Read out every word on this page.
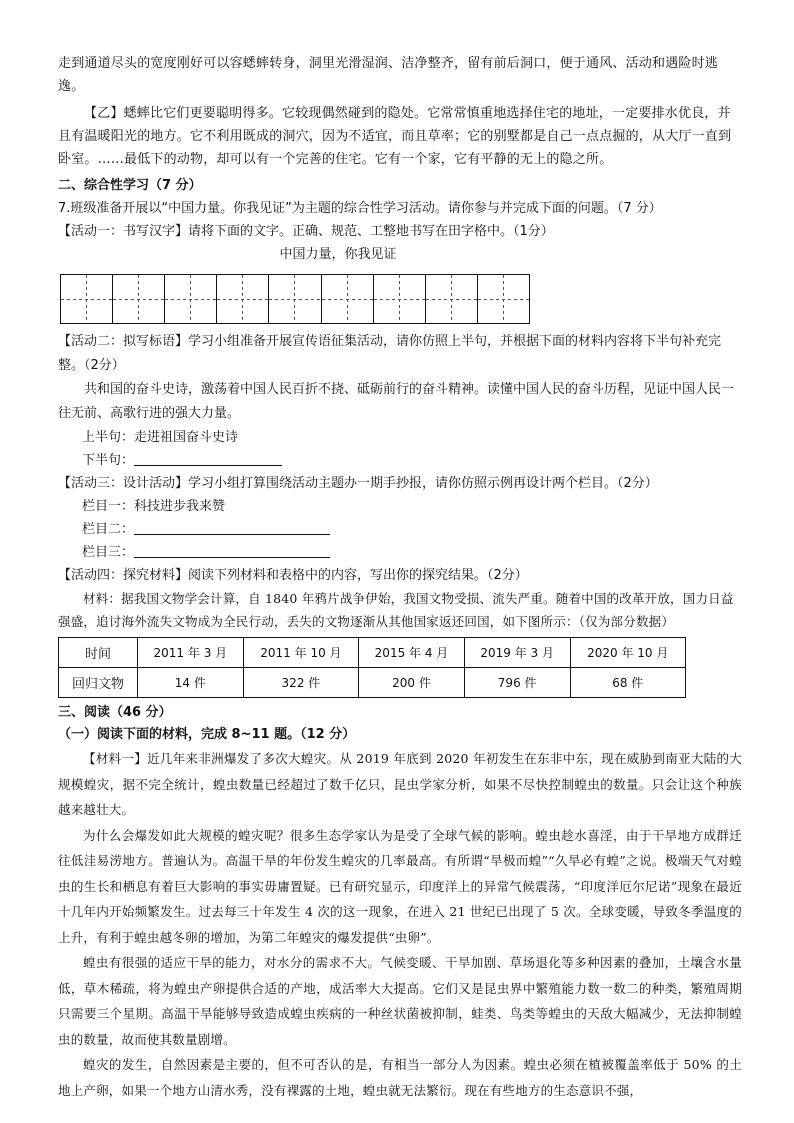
走到通道尽头的宽度刚好可以容蟋蟀转身，洞里光滑湿润、洁净整齐，留有前后洞口，便于通风、活动和遇险时逃逸。

【乙】蟋蟀比它们更要聪明得多。它较现偶然碰到的隐处。它常常慎重地选择住宅的地址，一定要排水优良，并且有温暖阳光的地方。它不利用既成的洞穴，因为不适宜，而且草率；它的别墅都是自己一点点掘的，从大厅一直到卧室。……最低下的动物，却可以有一个完善的住宅。它有一个家，它有平静的无上的隐之所。

二、综合性学习（7 分）

7.班级准备开展以“中国力量。你我见证”为主题的综合性学习活动。请你参与并完成下面的问题。（7 分）

【活动一：书写汉字】请将下面的文字。正确、规范、工整地书写在田字格中。（1分）

中国力量，你我见证

【活动二：拟写标语】学习小组准备开展宣传语征集活动，请你仿照上半句，并根据下面的材料内容将下半句补充完整。（2分）

共和国的奋斗史诗，激荡着中国人民百折不挠、砥砺前行的奋斗精神。读懂中国人民的奋斗历程，见证中国人民一往无前、高歌行进的强大力量。

上半句：走进祖国奋斗史诗

下半句：

【活动三：设计活动】学习小组打算围绕活动主题办一期手抄报，请你仿照示例再设计两个栏目。（2分）

栏目一：科技进步我来赞

栏目二：

栏目三：

【活动四：探究材料】阅读下列材料和表格中的内容，写出你的探究结果。（2分）

材料：据我国文物学会计算，自 1840 年鸦片战争伊始，我国文物受损、流失严重。随着中国的改革开放，国力日益强盛，追讨海外流失文物成为全民行动，丢失的文物逐渐从其他国家返还回国，如下图所示：（仅为部分数据）

时间	2011 年 3 月	2011 年 10 月	2015 年 4 月	2019 年 3 月	2020 年 10 月
回归文物	14 件	322 件	200 件	796 件	68 件

三、阅读（46 分）

（一）阅读下面的材料，完成 8~11 题。（12 分）

【材料一】近几年来非洲爆发了多次大蝗灾。从 2019 年底到 2020 年初发生在东非中东，现在威胁到南亚大陆的大规模蝗灾，据不完全统计，蝗虫数量已经超过了数千亿只，昆虫学家分析，如果不尽快控制蝗虫的数量。只会让这个种族越来越壮大。

为什么会爆发如此大规模的蝗灾呢？很多生态学家认为是受了全球气候的影响。蝗虫趁水喜淫，由于干旱地方成群迁往低洼易涝地方。普遍认为。高温干旱的年份发生蝗灾的几率最高。有所谓“旱极而蝗”“久旱必有蝗”之说。极端天气对蝗虫的生长和栖息有着巨大影响的事实毋庸置疑。已有研究显示，印度洋上的异常气候震荡，“印度洋厄尔尼诺”现象在最近十几年内开始频繁发生。过去每三十年发生 4 次的这一现象，在进入 21 世纪已出现了 5 次。全球变暖，导致冬季温度的上升，有利于蝗虫越冬卵的增加，为第二年蝗灾的爆发提供“虫卵”。

蝗虫有很强的适应干旱的能力，对水分的需求不大。气候变暖、干旱加剧、草场退化等多种因素的叠加，土壤含水量低，草木稀疏，将为蝗虫产卵提供合适的产地，成活率大大提高。它们又是昆虫界中繁殖能力数一数二的种类，繁殖周期只需要三个星期。高温干旱能够导致造成蝗虫疾病的一种丝状菌被抑制，蛙类、鸟类等蝗虫的天敌大幅减少，无法抑制蝗虫的数量，故而使其数量剧增。

蝗灾的发生，自然因素是主要的，但不可否认的是，有相当一部分人为因素。蝗虫必须在植被覆盖率低于 50% 的土地上产卵，如果一个地方山清水秀，没有裸露的土地，蝗虫就无法繁衍。现在有些地方的生态意识不强，
